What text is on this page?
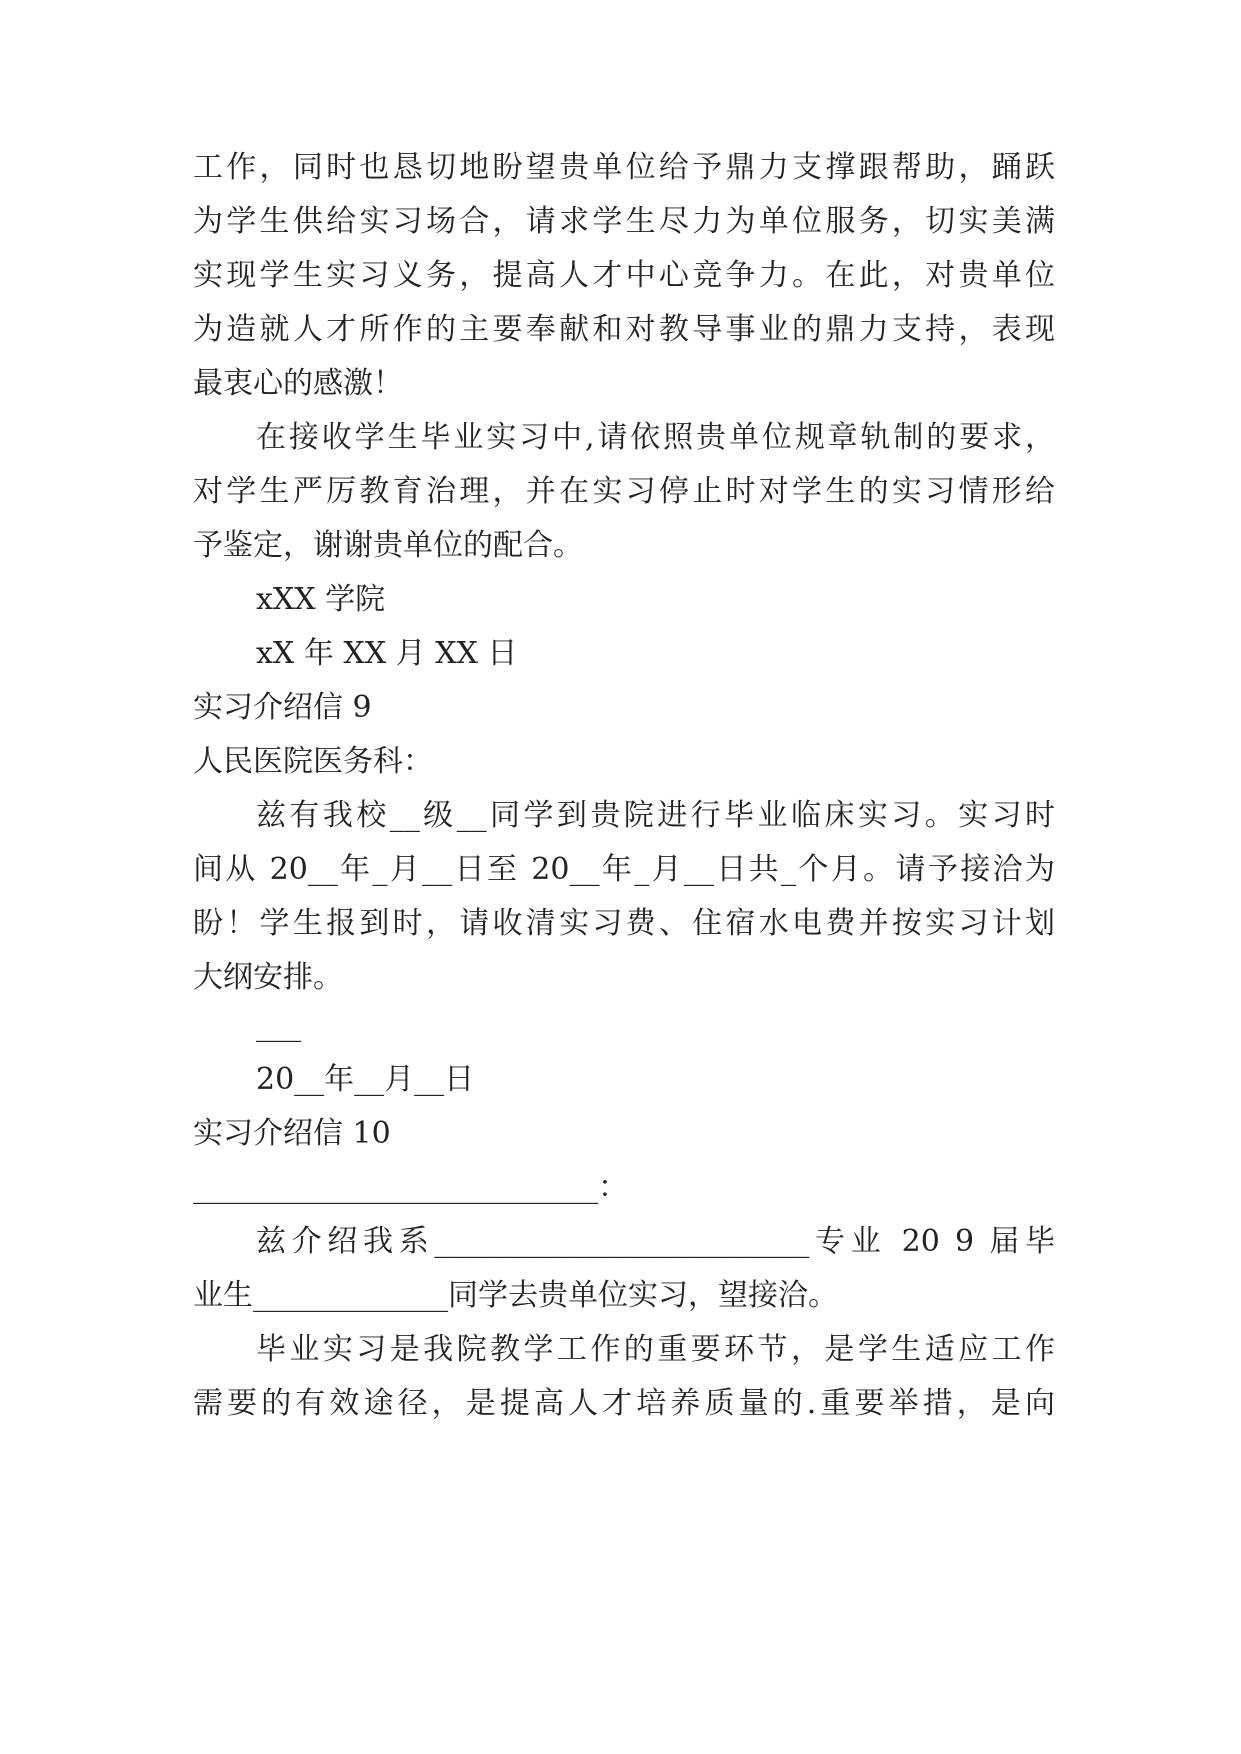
工作，同时也恳切地盼望贵单位给予鼎力支撑跟帮助，踊跃
为学生供给实习场合，请求学生尽力为单位服务，切实美满
实现学生实习义务，提高人才中心竞争力。在此，对贵单位
为造就人才所作的主要奉献和对教导事业的鼎力支持，表现
最衷心的感激！
在接收学生毕业实习中,请依照贵单位规章轨制的要求，
对学生严厉教育治理，并在实习停止时对学生的实习情形给
予鉴定，谢谢贵单位的配合。
xXX 学院
xX 年 XX 月 XX 日
实习介绍信 9
人民医院医务科：
兹有我校__级__同学到贵院进行毕业临床实习。实习时
间从 20__年_月__日至 20__年_月__日共_个月。请予接洽为
盼！学生报到时，请收清实习费、住宿水电费并按实习计划
大纲安排。
___
20__年__月__日
实习介绍信 10
___________________________：
兹介绍我系_________________________专业 20 9 届毕
业生_____________同学去贵单位实习，望接洽。
毕业实习是我院教学工作的重要环节，是学生适应工作
需要的有效途径，是提高人才培养质量的.重要举措，是向
